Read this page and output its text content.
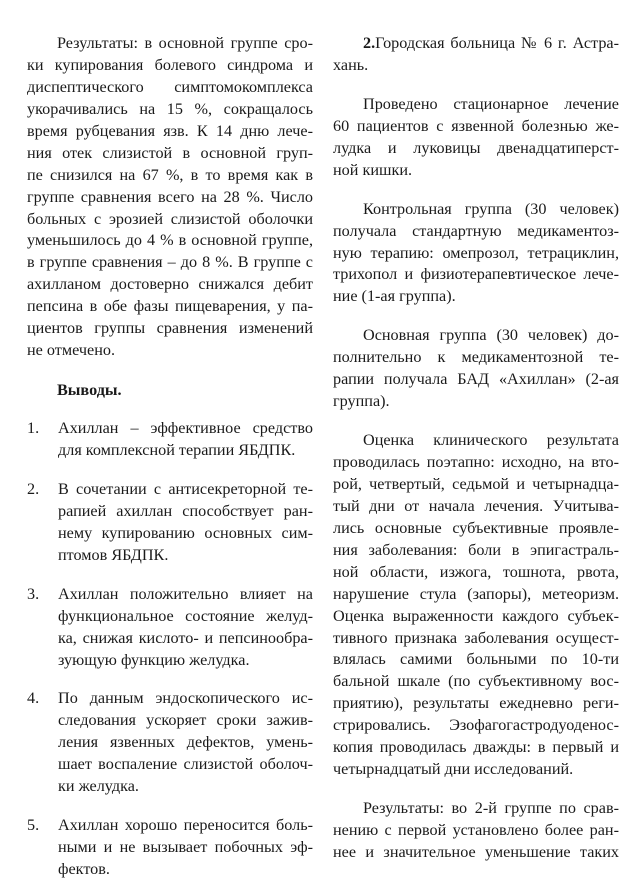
Результаты: в основной группе сро-
ки купирования болевого синдрома и
диспептического симптомокомплекса
укорачивались на 15 %, сокращалось
время рубцевания язв. К 14 дню лече-
ния отек слизистой в основной груп-
пе снизился на 67 %, в то время как в
группе сравнения всего на 28 %. Число
больных с эрозией слизистой оболочки
уменьшилось до 4 % в основной группе,
в группе сравнения – до 8 %. В группе с
ахилланом достоверно снижался дебит
пепсина в обе фазы пищеварения, у па-
циентов группы сравнения изменений
не отмечено.
Выводы.
1. Ахиллан – эффективное средство
для комплексной терапии ЯБДПК.
2. В сочетании с антисекреторной те-
рапией ахиллан способствует ран-
нему купированию основных сим-
птомов ЯБДПК.
3. Ахиллан положительно влияет на
функциональное состояние желуд-
ка, снижая кислото- и пепсинообра-
зующую функцию желудка.
4. По данным эндоскопического ис-
следования ускоряет сроки зажив-
ления язвенных дефектов, умень-
шает воспаление слизистой оболоч-
ки желудка.
5. Ахиллан хорошо переносится боль-
ными и не вызывает побочных эф-
фектов.
2.Городская больница № 6 г. Астра-
хань.
Проведено стационарное лечение
60 пациентов с язвенной болезнью же-
лудка и луковицы двенадцатиперст-
ной кишки.
Контрольная группа (30 человек)
получала стандартную медикаментоз-
ную терапию: омепрозол, тетрациклин,
трихопол и физиотерапевтическое лече-
ние (1-ая группа).
Основная группа (30 человек) до-
полнительно к медикаментозной те-
рапии получала БАД «Ахиллан» (2-ая
группа).
Оценка клинического результата
проводилась поэтапно: исходно, на вто-
рой, четвертый, седьмой и четырнадца-
тый дни от начала лечения. Учитыва-
лись основные субъективные проявле-
ния заболевания: боли в эпигастраль-
ной области, изжога, тошнота, рвота,
нарушение стула (запоры), метеоризм.
Оценка выраженности каждого субъек-
тивного признака заболевания осущест-
влялась самими больными по 10-ти
бальной шкале (по субъективному вос-
приятию), результаты ежедневно реги-
стрировались. Эзофагогастродуоденос-
копия проводилась дважды: в первый и
четырнадцатый дни исследований.
Результаты: во 2-й группе по срав-
нению с первой установлено более ран-
нее и значительное уменьшение таких
